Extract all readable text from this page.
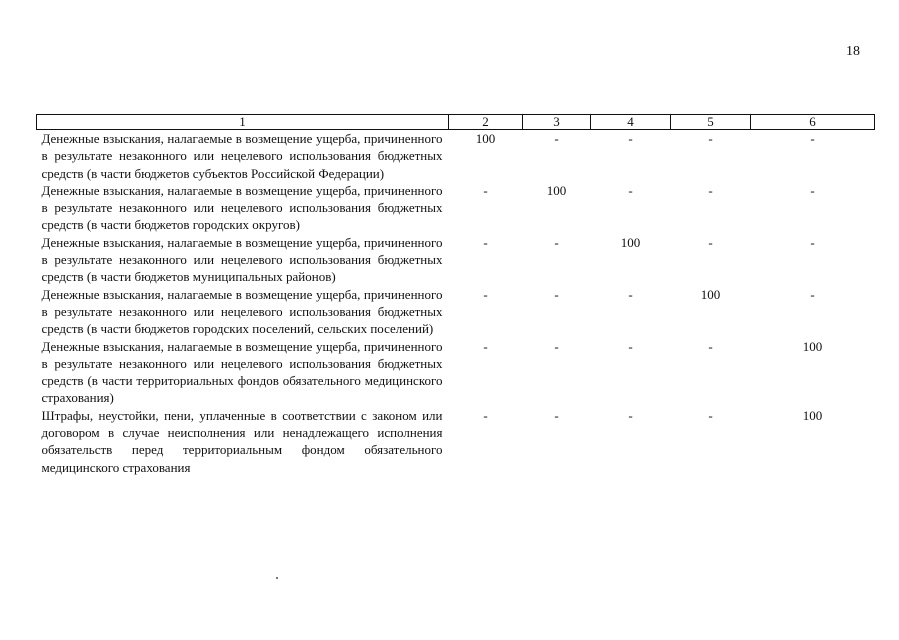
18
1	2	3	4	5	6
Денежные взыскания, налагаемые в возмещение ущерба, причиненного в результате незаконного или нецелевого использования бюджетных средств (в части бюджетов субъектов Российской Федерации)	100	-	-	-	-
Денежные взыскания, налагаемые в возмещение ущерба, причиненного в результате незаконного или нецелевого использования бюджетных средств (в части бюджетов городских округов)	-	100	-	-	-
Денежные взыскания, налагаемые в возмещение ущерба, причиненного в результате незаконного или нецелевого использования бюджетных средств (в части бюджетов муниципальных районов)	-	-	100	-	-
Денежные взыскания, налагаемые в возмещение ущерба, причиненного в результате незаконного или нецелевого использования бюджетных средств (в части бюджетов городских поселений, сельских поселений)	-	-	-	100	-
Денежные взыскания, налагаемые в возмещение ущерба, причиненного в результате незаконного или нецелевого использования бюджетных средств (в части территориальных фондов обязательного медицинского страхования)	-	-	-	-	100
Штрафы, неустойки, пени, уплаченные в соответствии с законом или договором в случае неисполнения или ненадлежащего исполнения обязательств перед территориальным фондом обязательного медицинского страхования	-	-	-	-	100
